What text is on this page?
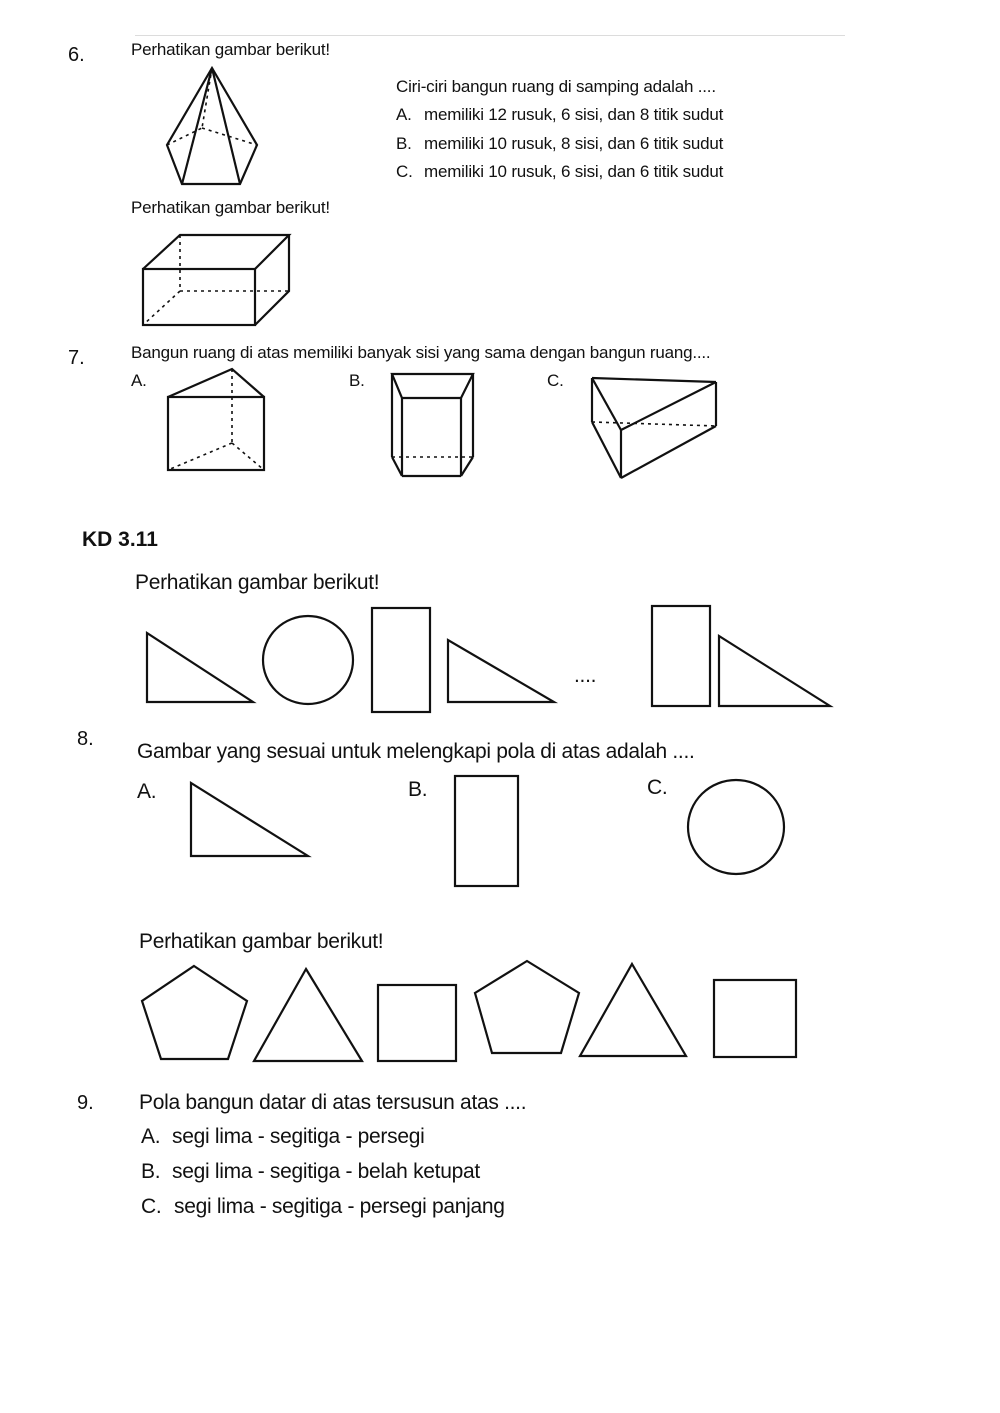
6.	Perhatikan gambar berikut!
Ciri-ciri bangun ruang di samping adalah ....
A. memiliki 12 rusuk, 6 sisi, dan 8 titik sudut
B. memiliki 10 rusuk, 8 sisi, dan 6 titik sudut
C. memiliki 10 rusuk, 6 sisi, dan 6 titik sudut
Perhatikan gambar berikut!
7.	Bangun ruang di atas memiliki banyak sisi yang sama dengan bangun ruang....
A.	B.	C.
KD 3.11
Perhatikan gambar berikut!
....
8.
Gambar yang sesuai untuk melengkapi pola di atas adalah ....
A.	B.	C.
Perhatikan gambar berikut!
9. Pola bangun datar di atas tersusun atas ....
A. segi lima - segitiga - persegi
B. segi lima - segitiga - belah ketupat
C. segi lima - segitiga - persegi panjang
